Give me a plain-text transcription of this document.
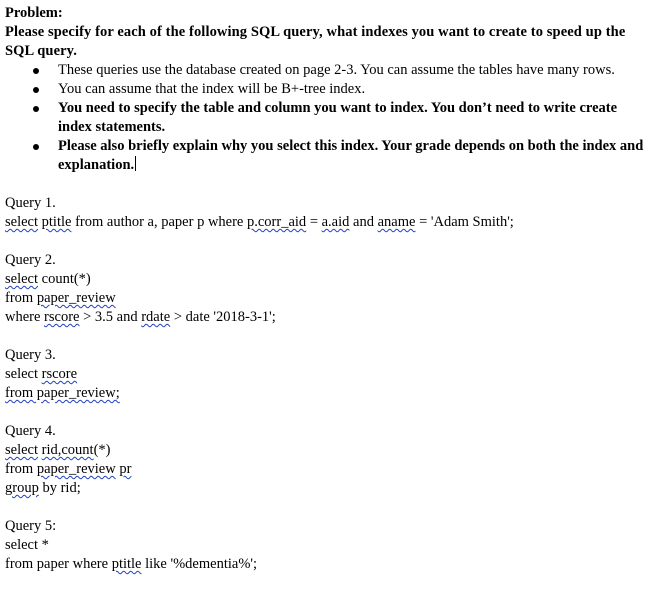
Problem:
Please specify for each of the following SQL query, what indexes you want to create to speed up the SQL query.
These queries use the database created on page 2-3. You can assume the tables have many rows.
You can assume that the index will be B+-tree index.
You need to specify the table and column you want to index. You don’t need to write create index statements.
Please also briefly explain why you select this index. Your grade depends on both the index and explanation.
Query 1.
select ptitle from author a, paper p where p.corr_aid = a.aid and aname = 'Adam Smith';
Query 2.
select count(*)
from paper_review
where rscore > 3.5 and rdate > date '2018-3-1';
Query 3.
select rscore
from paper_review;
Query 4.
select rid,count(*)
from paper_review pr
group by rid;
Query 5:
select *
from paper where ptitle like '%dementia%';
